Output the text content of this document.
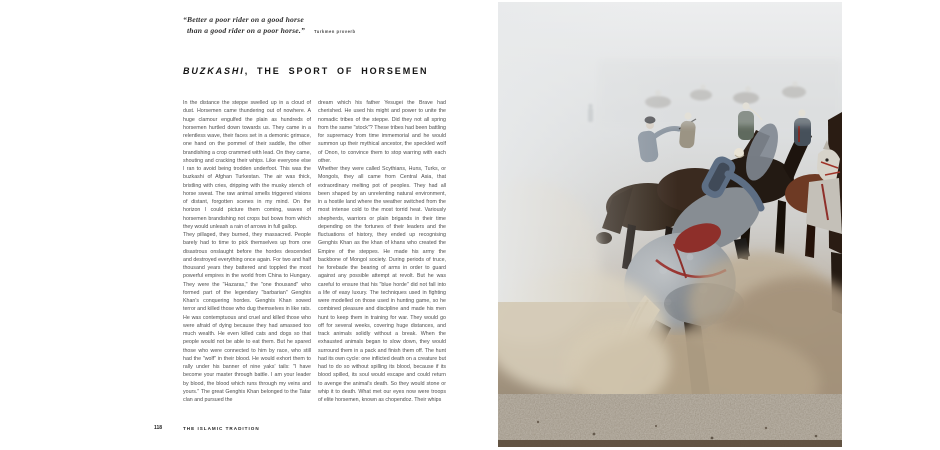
“Better a poor rider on a good horse
than a good rider on a poor horse.” Turkmen proverb
BUZKASHI, THE SPORT OF HORSEMEN

In the distance the steppe swelled up in a cloud of dust. Horsemen came thundering out of nowhere. A huge clamour engulfed the plain as hundreds of horsemen hurtled down towards us. They came in a relentless wave, their faces set in a demonic grimace, one hand on the pommel of their saddle, the other brandishing a crop crammed with lead. On they came, shouting and cracking their whips. Like everyone else I ran to avoid being trodden underfoot. This was the buzkashi of Afghan Turkestan. The air was thick, bristling with cries, dripping with the musky stench of horse sweat. The raw animal smells triggered visions of distant, forgotten scenes in my mind. On the horizon I could picture them coming, waves of horsemen brandishing not crops but bows from which they would unleash a rain of arrows in full gallop.

They pillaged, they burned, they massacred. People barely had to time to pick themselves up from one disastrous onslaught before the hordes descended and destroyed everything once again. For two and half thousand years they battered and toppled the most powerful empires in the world from China to Hungary. They were the "Hazaras," the "one thousand" who formed part of the legendary "barbarian" Genghis Khan's conquering hordes. Genghis Khan sowed terror and killed those who dug themselves in like rats. He was contemptuous and cruel and killed those who were afraid of dying because they had amassed too much wealth. He even killed cats and dogs so that people would not be able to eat them. But he spared those who were connected to him by race, who still had the "wolf" in their blood. He would exhort them to rally under his banner of nine yaks' tails: "I have become your master through battle. I am your leader by blood, the blood which runs through my veins and yours." The great Genghis Khan belonged to the Tatar clan and pursued the

dream which his father Yesugei the Brave had cherished. He used his might and power to unite the nomadic tribes of the steppe. Did they not all spring from the same "stock"? These tribes had been battling for supremacy from time immemorial and he would summon up their mythical ancestor, the speckled wolf of Onon, to convince them to stop warring with each other.

Whether they were called Scythians, Huns, Turks, or Mongols, they all came from Central Asia, that extraordinary melting pot of peoples. They had all been shaped by an unrelenting natural environment, in a hostile land where the weather switched from the most intense cold to the most torrid heat. Variously shepherds, warriors or plain brigands in their time depending on the fortunes of their leaders and the fluctuations of history, they ended up recognising Genghis Khan as the khan of khans who created the Empire of the steppes. He made his army the backbone of Mongol society. During periods of truce, he forebade the bearing of arms in order to guard against any possible attempt at revolt. But he was careful to ensure that his "blue horde" did not fall into a life of easy luxury. The techniques used in fighting were modelled on those used in hunting game, so he combined pleasure and discipline and made his men hunt to keep them in training for war. They would go off for several weeks, covering huge distances, and track animals solidly without a break. When the exhausted animals began to slow down, they would surround them in a pack and finish them off. The hunt had its own cycle: one inflicted death on a creature but had to do so without spilling its blood, because if its blood spilled, its soul would escape and could return to avenge the animal's death. So they would stone or whip it to death. What met our eyes now were troops of elite horsemen, known as chopendoz. Their whips

118	THE ISLAMIC TRADITION
